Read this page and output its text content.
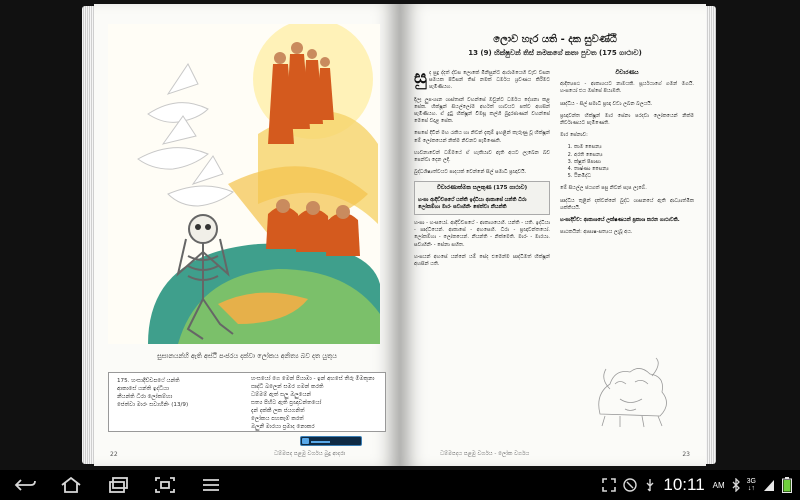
සුසානයන්හි ඇති අස්ථි පංජරය දක්වා ලෝකය අනිත්‍ය බව දත යුතුය
175. හංසාදිච්චපථේ යන්ති
ආකාසේ යන්ති ඉද්ධියා
නීයන්ති ධීරා ලෝකම්හා
ජෙත්වා මාරං සවාහිනිං (13/9)
හංසයෝ ගෙ මෙන් පියාඹා - ඉන් අහසේ තීරු මීමකුනා
ඍද්ධි බලෙන් සමර ගමන් කරති
ධම්මම් ඇත් සලු ඔලුයෙන්
සත්‍ය පිහිට ඇති ප්‍රඥාවන්තයෝ
දැන් දක්කී ලක ජයගනිත්
ලෝකය පහකෑම් කරත්
ඔලුනී මාරයා ප්‍රමාද නොකර
22	ධම්මපද පළමු වර්ගය බුදු ආදරා
ලොව හැර යති - දක සුවණ්ඨි
13 (9) භික්ෂුවන් තිස් නමකගේ කතා පුවත (175 ගාථාව)

සුද සුදු ද්දත් ද්වස ලොකේ මිනිසුන්ට ආරාමයෙහි වැඩ වසන සමයක පිටිසන් තිස් නමක් ධර්මය ශ්‍රවණය කිරීමට පැමිණියහ.

දීලෑ ලුපංශාන ශාස්තෘන් වහන්සේ ඔවුන්ට ධර්මය දේශනා කළ සේක. භික්ෂූන් සියල්ලෝම අර්හත් භාවයට පත්ව අහසින් පැමිණියහ. ඒ දුටු භික්ෂූන් විමසූ කල්හි බුදුරජාණන් වහන්සේ මෙසේ වදාළ සේක.

සෙසේ දිවින් මහ රැකිය හා නිවන් දැකුම් ඉහළින් කැරුණු වූ භික්ෂූන් මේ ලෝකයෙන් නික්ම නිවනට පැමිණෙති.

භාවනාවෙන් ධම්මයේ ඒ හැකියාව ඇති අයට ලැබෙන බව පෙන්වා දෙන ලදී.

බුද්ධශිෂ්‍යත්වයට පාදයක් වෙන්නේ සිල් සමාධි ප්‍රඥාවයි.

විචාරණාත්මක සලකුණ (175 ගාථාව)
හංසා ආදිච්චපථේ යන්ති ඉද්ධියා ආකාසේ යන්ති ධීරා ලෝකම්හා මාරං සවාහිනිං ජෙත්වා නීයන්ති

හංසා - හංසයෝ. ආදිච්චපථේ - ආකාශයෙහි. යන්ති - යති. ඉද්ධියා - ඍද්ධියෙන්. ආකාසේ - අහසෙහි. ධීරා - ප්‍රඥාවන්තයෝ. ලෝකම්හා - ලෝකයෙන්. නීයන්ති - නික්මෙති. මාරං - මාරයා. සවාහිනිං - සේනා සහිත.

හංසයන් අහසේ යන්නේ යම් සේද එමෙන්ම ඍද්ධිමත් භික්ෂූන් අහසින් යති.

විචාරණය

ආදිත්‍යපථ - ආකාශයට නාමයකි. සූර්යයාගේ ගමන් මගයි. හංසයෝ එය ඔස්සේ පියාඹති.

ඍද්ධිය - සිල් සමාධි ප්‍රඥා වඩා ලබන බලයයි.

ප්‍රඥාවන්ත භික්ෂූන් මාර සේනා පරදවා ලෝකයෙන් නික්ම නිර්වාණයට පැමිණෙති.

මාර සේනාව:

1. කාම සෛන්‍ය
2. අරති සෛන්‍ය
3. ක්ෂුත් පිපාසා
4. තෘෂ්ණා සෛන්‍ය
5. ථිනමිද්ධ

මේ සියල්ල ජයගත් පසු නිවන් සැප ලැබේ.

ඍද්ධිය තුළින් දක්වන්නේ බුද්ධ ශාසනයේ ඇති ආධ්‍යාත්මික ශක්තියයි.

හංසාදිච්ච: ආකාශයේ ලක්ෂණයන් ප්‍රකාශ කරන ගාථාවකි.

පාඨකයින්: ආසාෂ-සත්‍යය ලැබූ අය.

ධම්මපදය පළමු වර්ගය - ලෝක වර්ගය	23
10:11 AM	3G
↓↑
